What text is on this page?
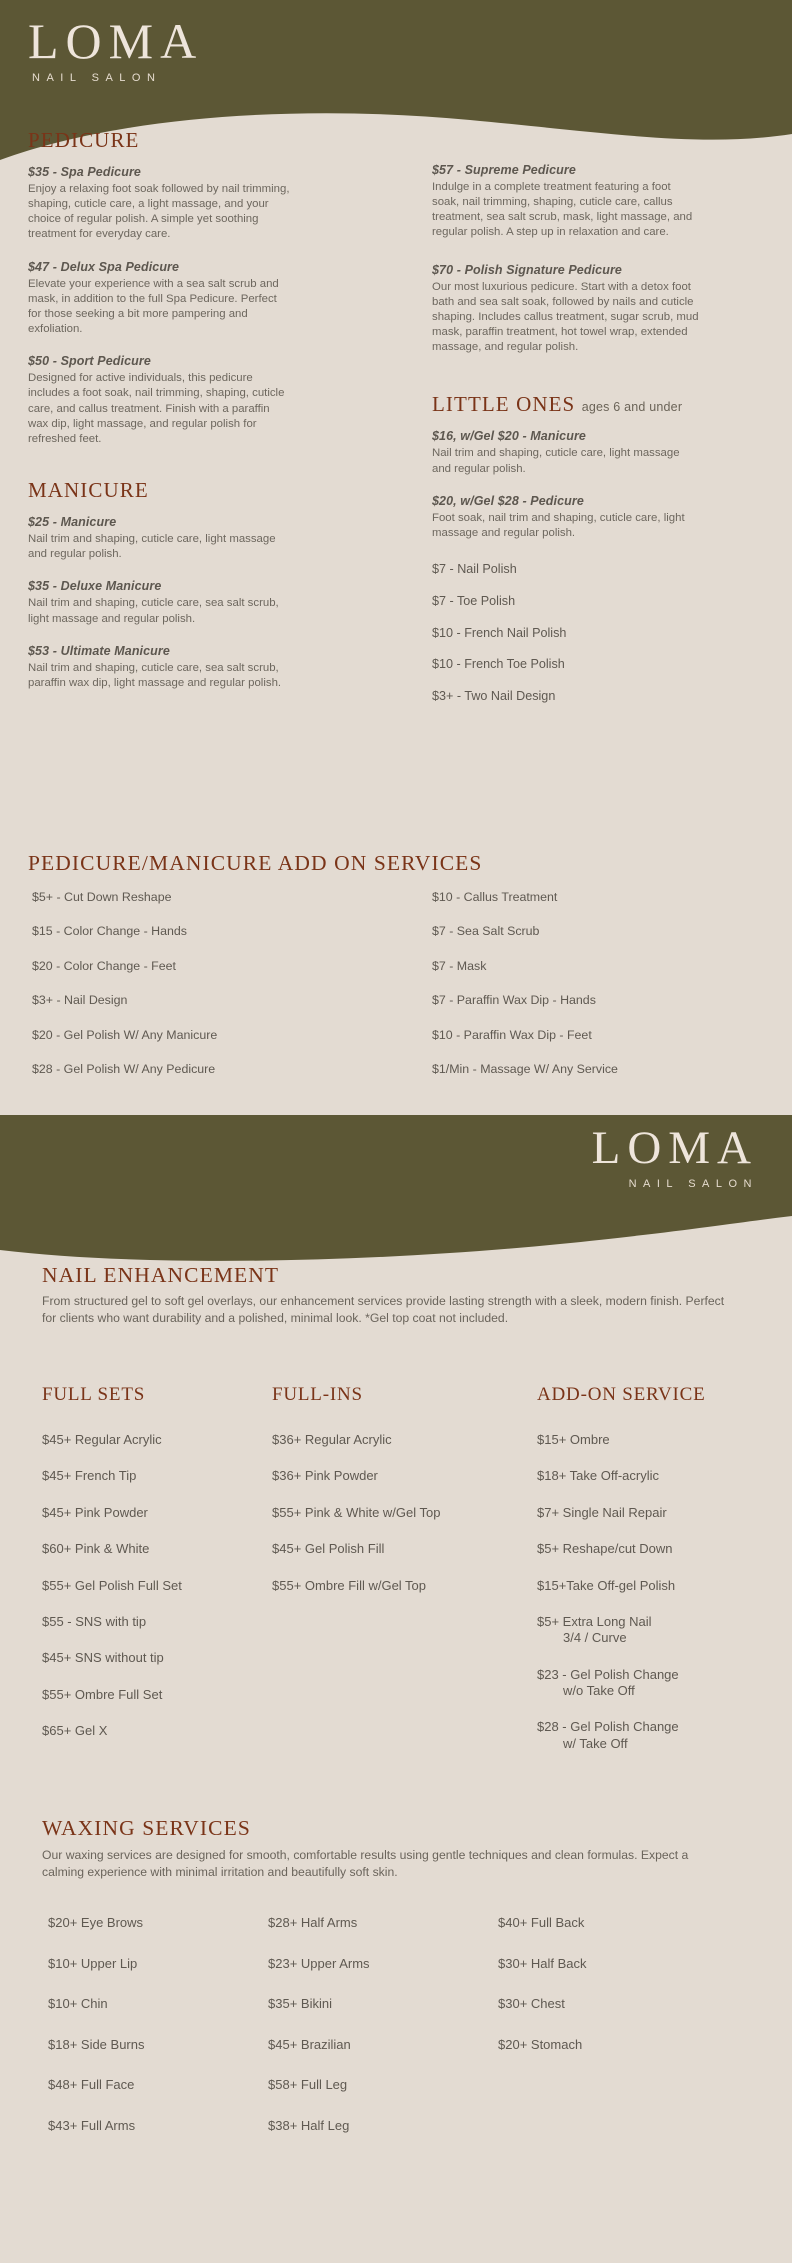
LOMA
NAIL SALON
PEDICURE
$35 - Spa Pedicure
Enjoy a relaxing foot soak followed by nail trimming, shaping, cuticle care, a light massage, and your choice of regular polish. A simple yet soothing treatment for everyday care.
$47 - Delux Spa Pedicure
Elevate your experience with a sea salt scrub and mask, in addition to the full Spa Pedicure. Perfect for those seeking a bit more pampering and exfoliation.
$50 - Sport Pedicure
Designed for active individuals, this pedicure includes a foot soak, nail trimming, shaping, cuticle care, and callus treatment. Finish with a paraffin wax dip, light massage, and regular polish for refreshed feet.
MANICURE
$25 - Manicure
Nail trim and shaping, cuticle care, light massage and regular polish.
$35 - Deluxe Manicure
Nail trim and shaping, cuticle care, sea salt scrub, light massage and regular polish.
$53 - Ultimate Manicure
Nail trim and shaping, cuticle care, sea salt scrub, paraffin wax dip, light massage and regular polish.
$57 - Supreme Pedicure
Indulge in a complete treatment featuring a foot soak, nail trimming, shaping, cuticle care, callus treatment, sea salt scrub, mask, light massage, and regular polish. A step up in relaxation and care.
$70 - Polish Signature Pedicure
Our most luxurious pedicure. Start with a detox foot bath and sea salt soak, followed by nails and cuticle shaping. Includes callus treatment, sugar scrub, mud mask, paraffin treatment, hot towel wrap, extended massage, and regular polish.
LITTLE ONES ages 6 and under
$16, w/Gel $20 - Manicure
Nail trim and shaping, cuticle care, light massage and regular polish.
$20, w/Gel $28 - Pedicure
Foot soak, nail trim and shaping, cuticle care, light massage and regular polish.
$7 - Nail Polish
$7 - Toe Polish
$10 - French Nail Polish
$10 - French Toe Polish
$3+ - Two Nail Design
PEDICURE/MANICURE ADD ON SERVICES
$5+ - Cut Down Reshape
$15 - Color Change - Hands
$20 - Color Change - Feet
$3+ - Nail Design
$20 - Gel Polish W/ Any Manicure
$28 - Gel Polish W/ Any Pedicure
$10 - Callus Treatment
$7 - Sea Salt Scrub
$7 - Mask
$7 - Paraffin Wax Dip - Hands
$10 - Paraffin Wax Dip - Feet
$1/Min - Massage W/ Any Service
LOMA
NAIL SALON
NAIL ENHANCEMENT
From structured gel to soft gel overlays, our enhancement services provide lasting strength with a sleek, modern finish. Perfect for clients who want durability and a polished, minimal look. *Gel top coat not included.
FULL SETS
$45+ Regular Acrylic
$45+ French Tip
$45+ Pink Powder
$60+ Pink & White
$55+ Gel Polish Full Set
$55 - SNS with tip
$45+ SNS without tip
$55+ Ombre Full Set
$65+ Gel X
FULL-INS
$36+ Regular Acrylic
$36+ Pink Powder
$55+ Pink & White w/Gel Top
$45+ Gel Polish Fill
$55+ Ombre Fill w/Gel Top
ADD-ON SERVICE
$15+ Ombre
$18+ Take Off-acrylic
$7+ Single Nail Repair
$5+ Reshape/cut Down
$15+Take Off-gel Polish
$5+ Extra Long Nail
3/4 / Curve
$23 - Gel Polish Change
w/o Take Off
$28 - Gel Polish Change
w/ Take Off
WAXING SERVICES
Our waxing services are designed for smooth, comfortable results using gentle techniques and clean formulas. Expect a calming experience with minimal irritation and beautifully soft skin.
$20+ Eye Brows
$10+ Upper Lip
$10+ Chin
$18+ Side Burns
$48+ Full Face
$43+ Full Arms
$28+ Half Arms
$23+ Upper Arms
$35+ Bikini
$45+ Brazilian
$58+ Full Leg
$38+ Half Leg
$40+ Full Back
$30+ Half Back
$30+ Chest
$20+ Stomach
